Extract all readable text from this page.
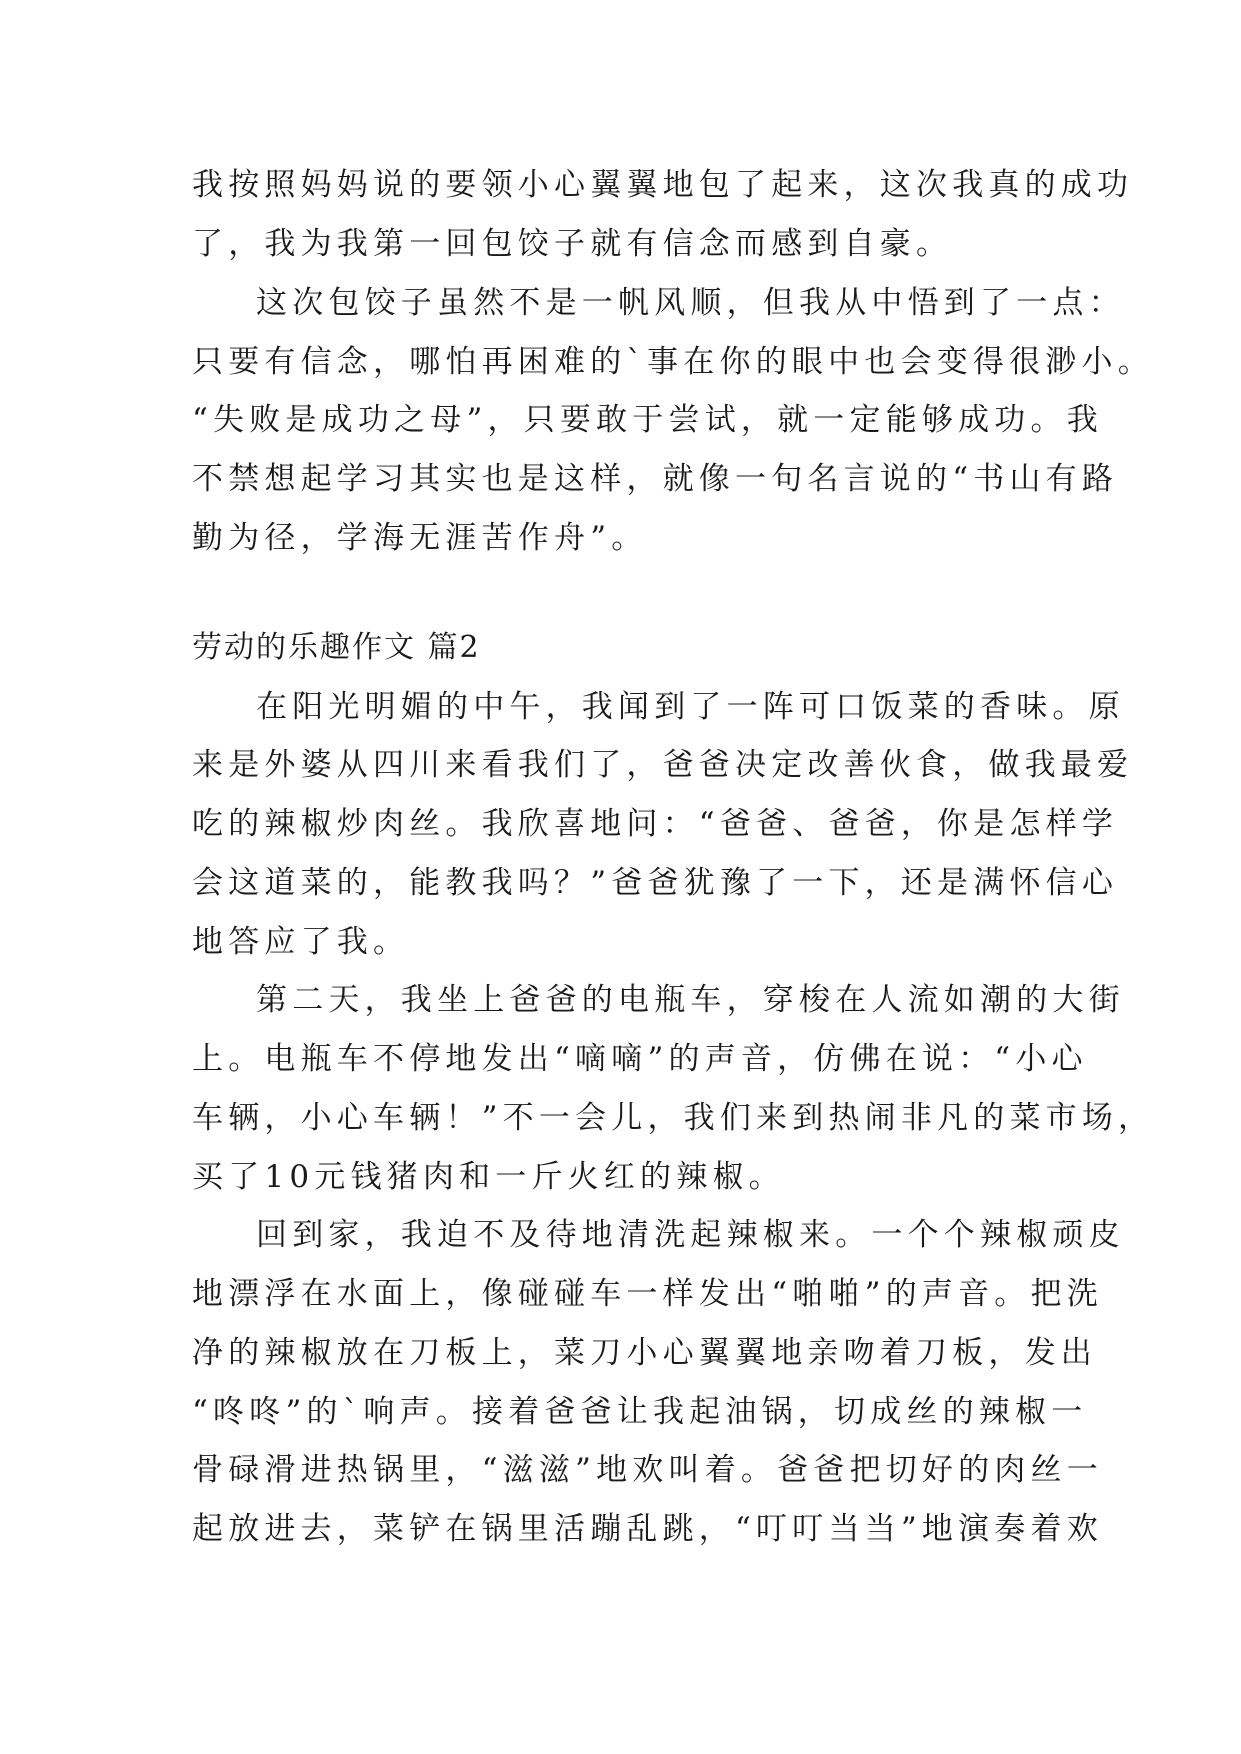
我按照妈妈说的要领小心翼翼地包了起来，这次我真的成功
了，我为我第一回包饺子就有信念而感到自豪。
这次包饺子虽然不是一帆风顺，但我从中悟到了一点：
只要有信念，哪怕再困难的`事在你的眼中也会变得很渺小。
“失败是成功之母”，只要敢于尝试，就一定能够成功。我
不禁想起学习其实也是这样，就像一句名言说的“书山有路
勤为径，学海无涯苦作舟”。
劳动的乐趣作文 篇2
在阳光明媚的中午，我闻到了一阵可口饭菜的香味。原
来是外婆从四川来看我们了，爸爸决定改善伙食，做我最爱
吃的辣椒炒肉丝。我欣喜地问：“爸爸、爸爸，你是怎样学
会这道菜的，能教我吗？”爸爸犹豫了一下，还是满怀信心
地答应了我。
第二天，我坐上爸爸的电瓶车，穿梭在人流如潮的大街
上。电瓶车不停地发出“嘀嘀”的声音，仿佛在说：“小心
车辆，小心车辆！”不一会儿，我们来到热闹非凡的菜市场，
买了10元钱猪肉和一斤火红的辣椒。
回到家，我迫不及待地清洗起辣椒来。一个个辣椒顽皮
地漂浮在水面上，像碰碰车一样发出“啪啪”的声音。把洗
净的辣椒放在刀板上，菜刀小心翼翼地亲吻着刀板，发出
“咚咚”的`响声。接着爸爸让我起油锅，切成丝的辣椒一
骨碌滑进热锅里，“滋滋”地欢叫着。爸爸把切好的肉丝一
起放进去，菜铲在锅里活蹦乱跳，“叮叮当当”地演奏着欢
